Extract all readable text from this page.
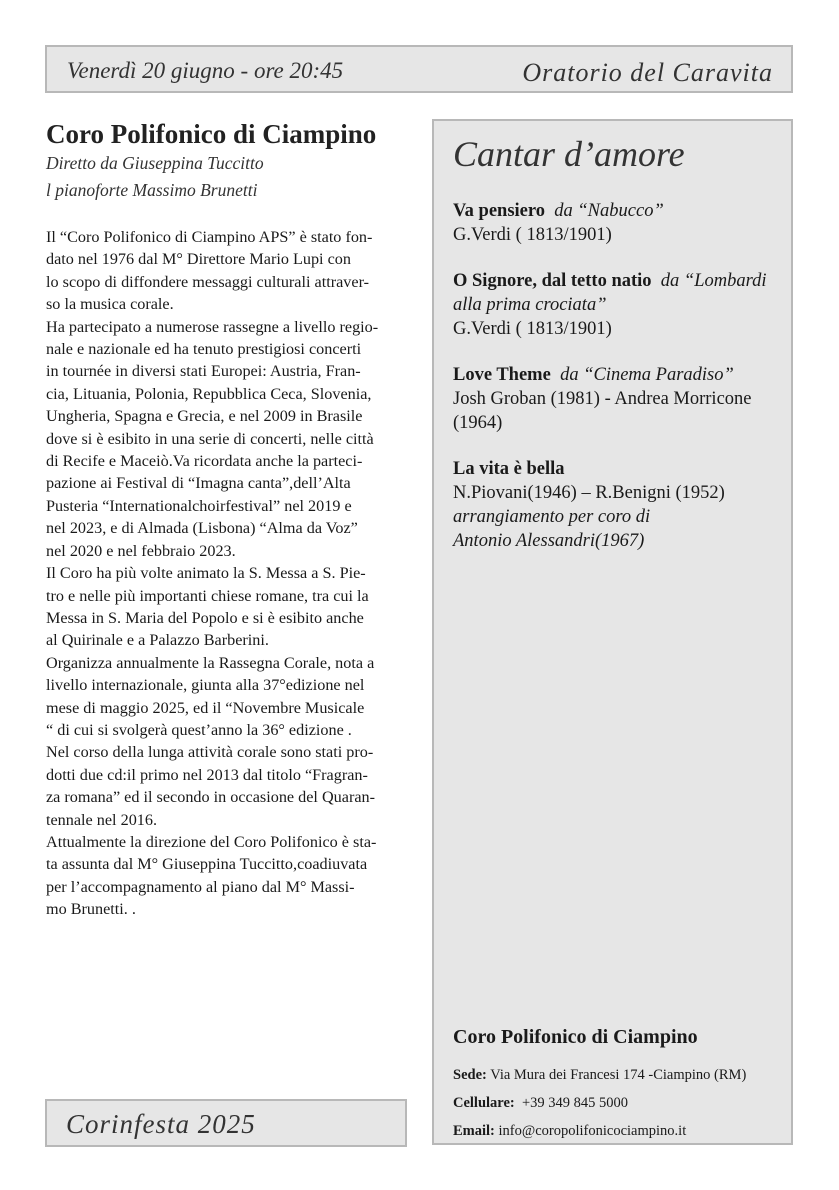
Venerdì 20 giugno - ore 20:45	Oratorio del Caravita
Coro Polifonico di Ciampino
Diretto da Giuseppina Tuccitto
l pianoforte Massimo Brunetti

Il “Coro Polifonico di Ciampino APS” è stato fon-

dato nel 1976 dal M° Direttore Mario Lupi con

lo scopo di diffondere messaggi culturali attraver-

so la musica corale.

Ha partecipato a numerose rassegne a livello regio-

nale e nazionale ed ha tenuto prestigiosi concerti

in tournée in diversi stati Europei: Austria, Fran-

cia, Lituania, Polonia, Repubblica Ceca, Slovenia,

Ungheria, Spagna e Grecia, e nel 2009 in Brasile

dove si è esibito in una serie di concerti, nelle città

di Recife e Maceiò.Va ricordata anche la parteci-

pazione ai Festival di “Imagna canta”,dell’Alta

Pusteria “Internationalchoirfestival” nel 2019 e

nel 2023, e di Almada (Lisbona) “Alma da Voz”

nel 2020 e nel febbraio 2023.

Il Coro ha più volte animato la S. Messa a S. Pie-

tro e nelle più importanti chiese romane, tra cui la

Messa in S. Maria del Popolo e si è esibito anche

al Quirinale e a Palazzo Barberini.

Organizza annualmente la Rassegna Corale, nota a

livello internazionale, giunta alla 37°edizione nel

mese di maggio 2025, ed il “Novembre Musicale

“ di cui si svolgerà quest’anno la 36° edizione .

Nel corso della lunga attività corale sono stati pro-

dotti due cd:il primo nel 2013 dal titolo “Fragran-

za romana” ed il secondo in occasione del Quaran-

tennale nel 2016.

Attualmente la direzione del Coro Polifonico è sta-

ta assunta dal M° Giuseppina Tuccitto,coadiuvata

per l’accompagnamento al piano dal M° Massi-

mo Brunetti. .

Cantar d’amore
Va pensiero da “Nabucco”
G.Verdi ( 1813/1901)
O Signore, dal tetto natio da “Lombardi alla prima crociata”
G.Verdi ( 1813/1901)
Love Theme da “Cinema Paradiso”
Josh Groban (1981) - Andrea Morricone (1964)
La vita è bella
N.Piovani(1946) – R.Benigni (1952)
arrangiamento per coro di
Antonio Alessandri(1967)
Coro Polifonico di Ciampino
Sede: Via Mura dei Francesi 174 -Ciampino (RM)
Cellulare: +39 349 845 5000
Email: info@coropolifonicociampino.it
Corinfesta 2025
